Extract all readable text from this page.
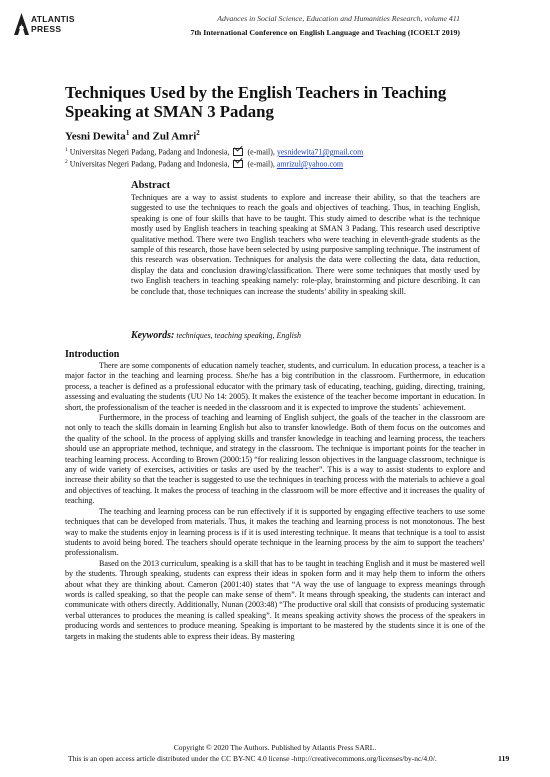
ATLANTIS
PRESS
Advances in Social Science, Education and Humanities Research, volume 411
7th International Conference on English Language and Teaching (ICOELT 2019)
Techniques Used by the English Teachers in Teaching Speaking at SMAN 3 Padang
Yesni Dewita$^1$ and Zul Amri$^2$
$^1$ Universitas Negeri Padang, Padang and Indonesia, (e-mail), yesnidewita71@gmail.com
$^2$ Universitas Negeri Padang, Padang and Indonesia, (e-mail), amrizul@yahoo.com
Abstract
Techniques are a way to assist students to explore and increase their ability, so that the teachers are suggested to use the techniques to reach the goals and objectives of teaching. Thus, in teaching English, speaking is one of four skills that have to be taught. This study aimed to describe what is the technique mostly used by English teachers in teaching speaking at SMAN 3 Padang. This research used descriptive qualitative method. There were two English teachers who were teaching in eleventh-grade students as the sample of this research, those have been selected by using purposive sampling technique. The instrument of this research was observation. Techniques for analysis the data were collecting the data, data reduction, display the data and conclusion drawing/classification. There were some techniques that mostly used by two English teachers in teaching speaking namely: role-play, brainstorming and picture describing. It can be conclude that, those techniques can increase the students’ ability in speaking skill.
Keywords: techniques, teaching speaking, English
Introduction

There are some components of education namely teacher, students, and curriculum. In education process, a teacher is a major factor in the teaching and learning process. She/he has a big contribution in the classroom. Furthermore, in education process, a teacher is defined as a professional educator with the primary task of educating, teaching, guiding, directing, training, assessing and evaluating the students (UU No 14: 2005). It makes the existence of the teacher become important in education. In short, the professionalism of the teacher is needed in the classroom and it is expected to improve the students` achievement.

Furthermore, in the process of teaching and learning of English subject, the goals of the teacher in the classroom are not only to teach the skills domain in learning English but also to transfer knowledge. Both of them focus on the outcomes and the quality of the school. In the process of applying skills and transfer knowledge in teaching and learning process, the teachers should use an appropriate method, technique, and strategy in the classroom. The technique is important points for the teacher in teaching learning process. According to Brown (2000:15) “for realizing lesson objectives in the language classroom, technique is any of wide variety of exercises, activities or tasks are used by the teacher”. This is a way to assist students to explore and increase their ability so that the teacher is suggested to use the techniques in teaching process with the materials to achieve a goal and objectives of teaching. It makes the process of teaching in the classroom will be more effective and it increases the quality of teaching.

The teaching and learning process can be run effectively if it is supported by engaging effective teachers to use some techniques that can be developed from materials. Thus, it makes the teaching and learning process is not monotonous. The best way to make the students enjoy in learning process is if it is used interesting technique. It means that technique is a tool to assist students to avoid being bored. The teachers should operate technique in the learning process by the aim to support the teachers’ professionalism.

Based on the 2013 curriculum, speaking is a skill that has to be taught in teaching English and it must be mastered well by the students. Through speaking, students can express their ideas in spoken form and it may help them to inform the others about what they are thinking about. Cameron (2001:40) states that “A way the use of language to express meanings through words is called speaking, so that the people can make sense of them”. It means through speaking, the students can interact and communicate with others directly. Additionally, Nunan (2003:48) “The productive oral skill that consists of producing systematic verbal utterances to produces the meaning is called speaking”. It means speaking activity shows the process of the speakers in producing words and sentences to produce meaning. Speaking is important to be mastered by the students since it is one of the targets in making the students able to express their ideas. By mastering

Copyright © 2020 The Authors. Published by Atlantis Press SARL.
This is an open access article distributed under the CC BY-NC 4.0 license -http://creativecommons.org/licenses/by-nc/4.0/.	119
